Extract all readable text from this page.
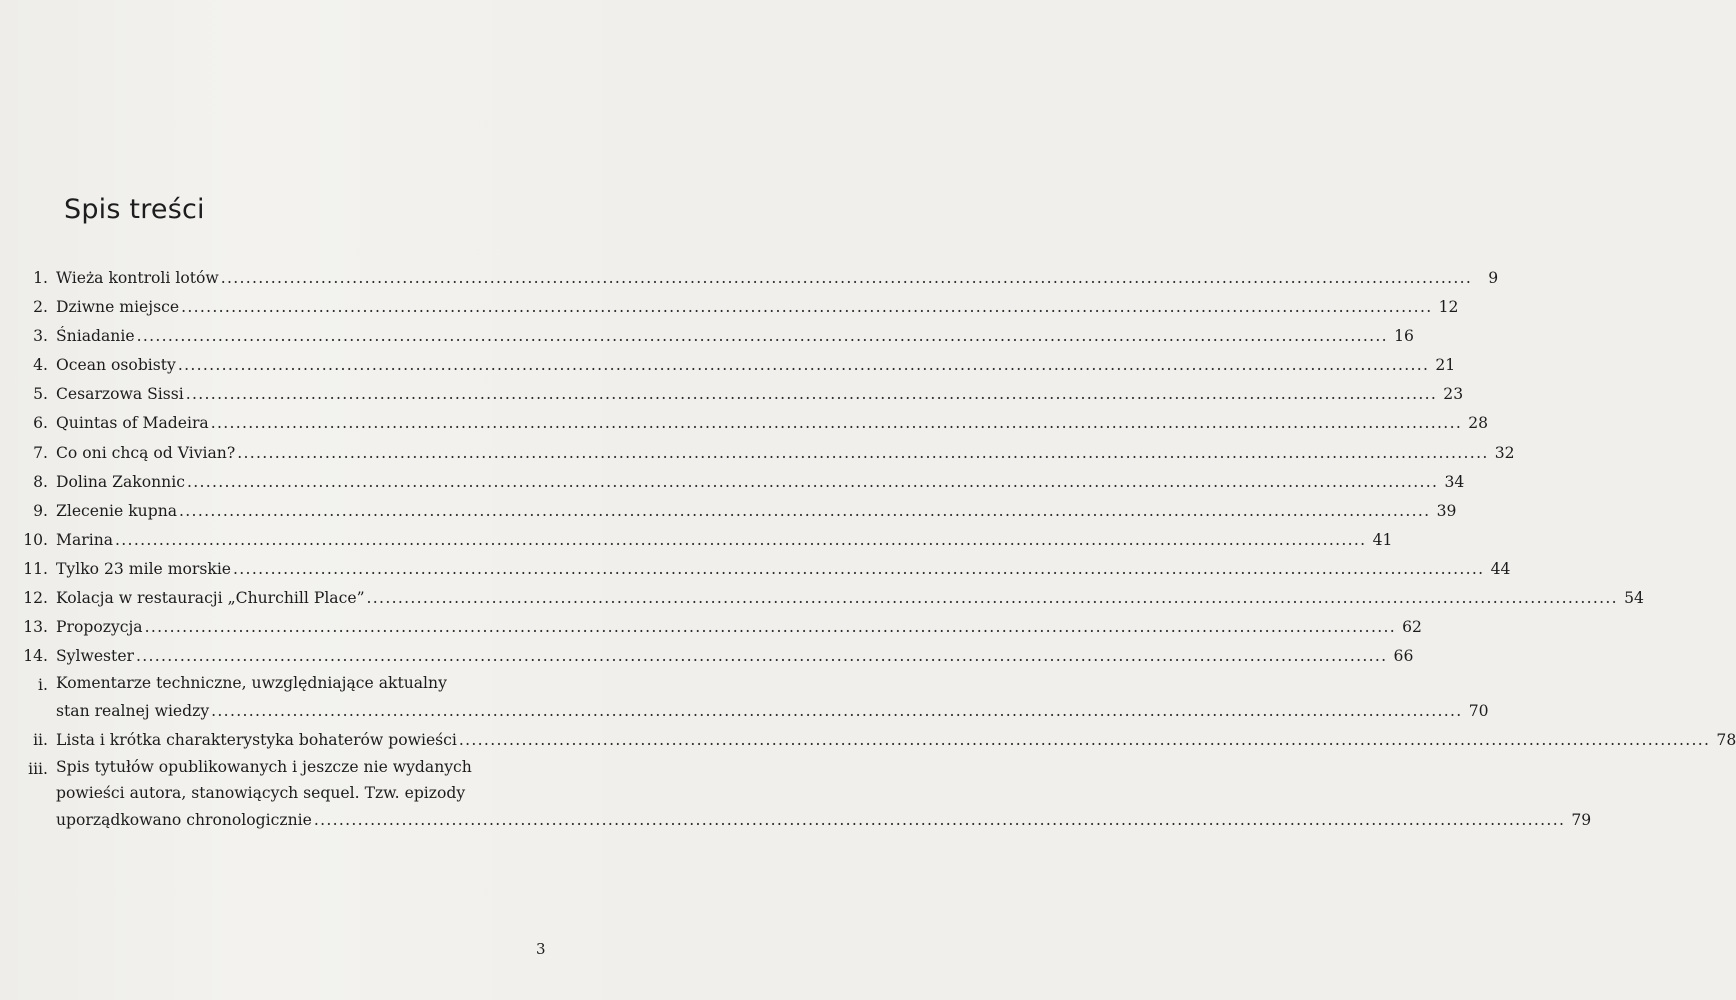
Spis treści
1. Wieża kontroli lotów ........................................................................................................................................................................................................	9
2. Dziwne miejsce ........................................................................................................................................................................................................ 12
3. Śniadanie ........................................................................................................................................................................................................ 16
4. Ocean osobisty ........................................................................................................................................................................................................ 21
5. Cesarzowa Sissi ........................................................................................................................................................................................................ 23
6. Quintas of Madeira ........................................................................................................................................................................................................ 28
7. Co oni chcą od Vivian? ........................................................................................................................................................................................................ 32
8. Dolina Zakonnic ........................................................................................................................................................................................................ 34
9. Zlecenie kupna ........................................................................................................................................................................................................ 39
10. Marina ........................................................................................................................................................................................................ 41
11. Tylko 23 mile morskie ........................................................................................................................................................................................................ 44
12. Kolacja w restauracji „Churchill Place” ........................................................................................................................................................................................................ 54
13. Propozycja ........................................................................................................................................................................................................ 62
14. Sylwester ........................................................................................................................................................................................................ 66
i. Komentarze techniczne, uwzględniające aktualny
stan realnej wiedzy ........................................................................................................................................................................................................ 70
ii. Lista i krótka charakterystyka bohaterów powieści ........................................................................................................................................................................................................ 78
iii. Spis tytułów opublikowanych i jeszcze nie wydanych
powieści autora, stanowiących sequel. Tzw. epizody
uporządkowano chronologicznie ........................................................................................................................................................................................................ 79
3
